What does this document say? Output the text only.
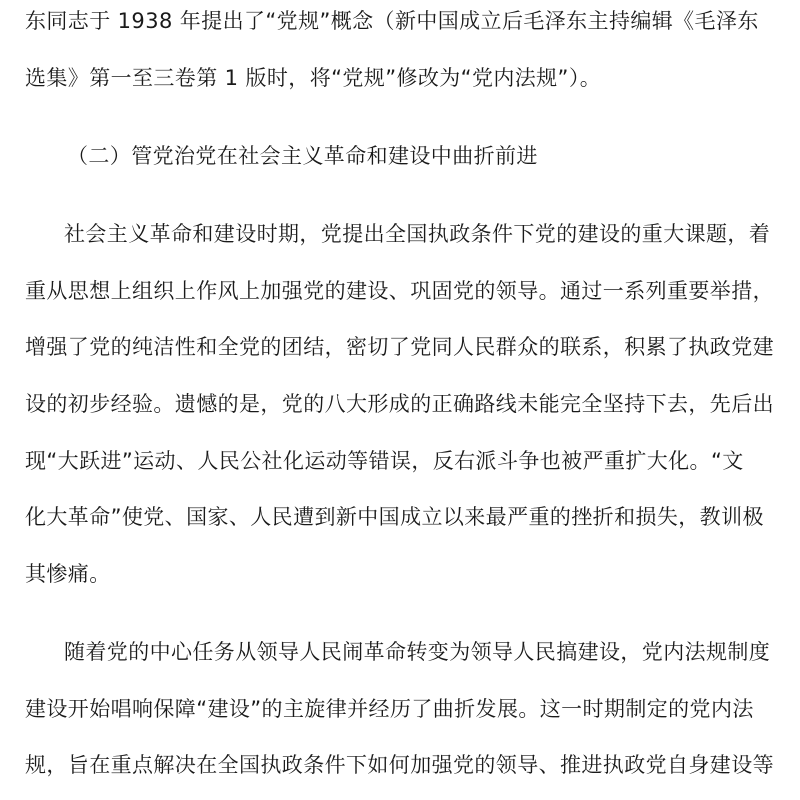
东同志于 1938 年提出了“党规”概念（新中国成立后毛泽东主持编辑《毛泽东
选集》第一至三卷第 1 版时，将“党规”修改为“党内法规”）。
（二）管党治党在社会主义革命和建设中曲折前进
社会主义革命和建设时期，党提出全国执政条件下党的建设的重大课题，着
重从思想上组织上作风上加强党的建设、巩固党的领导。通过一系列重要举措，
增强了党的纯洁性和全党的团结，密切了党同人民群众的联系，积累了执政党建
设的初步经验。遗憾的是，党的八大形成的正确路线未能完全坚持下去，先后出
现“大跃进”运动、人民公社化运动等错误，反右派斗争也被严重扩大化。“文
化大革命”使党、国家、人民遭到新中国成立以来最严重的挫折和损失，教训极
其惨痛。
随着党的中心任务从领导人民闹革命转变为领导人民搞建设，党内法规制度
建设开始唱响保障“建设”的主旋律并经历了曲折发展。这一时期制定的党内法
规，旨在重点解决在全国执政条件下如何加强党的领导、推进执政党自身建设等
